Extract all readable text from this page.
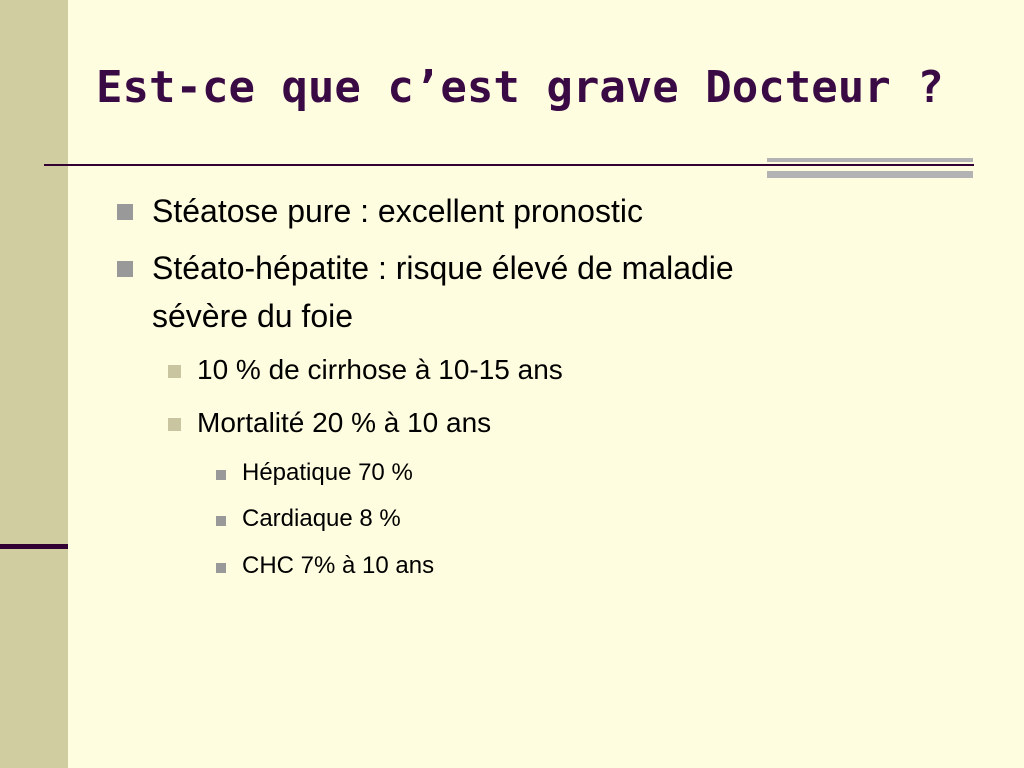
Est-ce que c’est grave Docteur ?
Stéatose pure : excellent pronostic
Stéato-hépatite : risque élevé de maladie
sévère du foie
10 % de cirrhose à 10-15 ans
Mortalité 20 % à 10 ans
Hépatique 70 %
Cardiaque 8 %
CHC 7% à 10 ans
